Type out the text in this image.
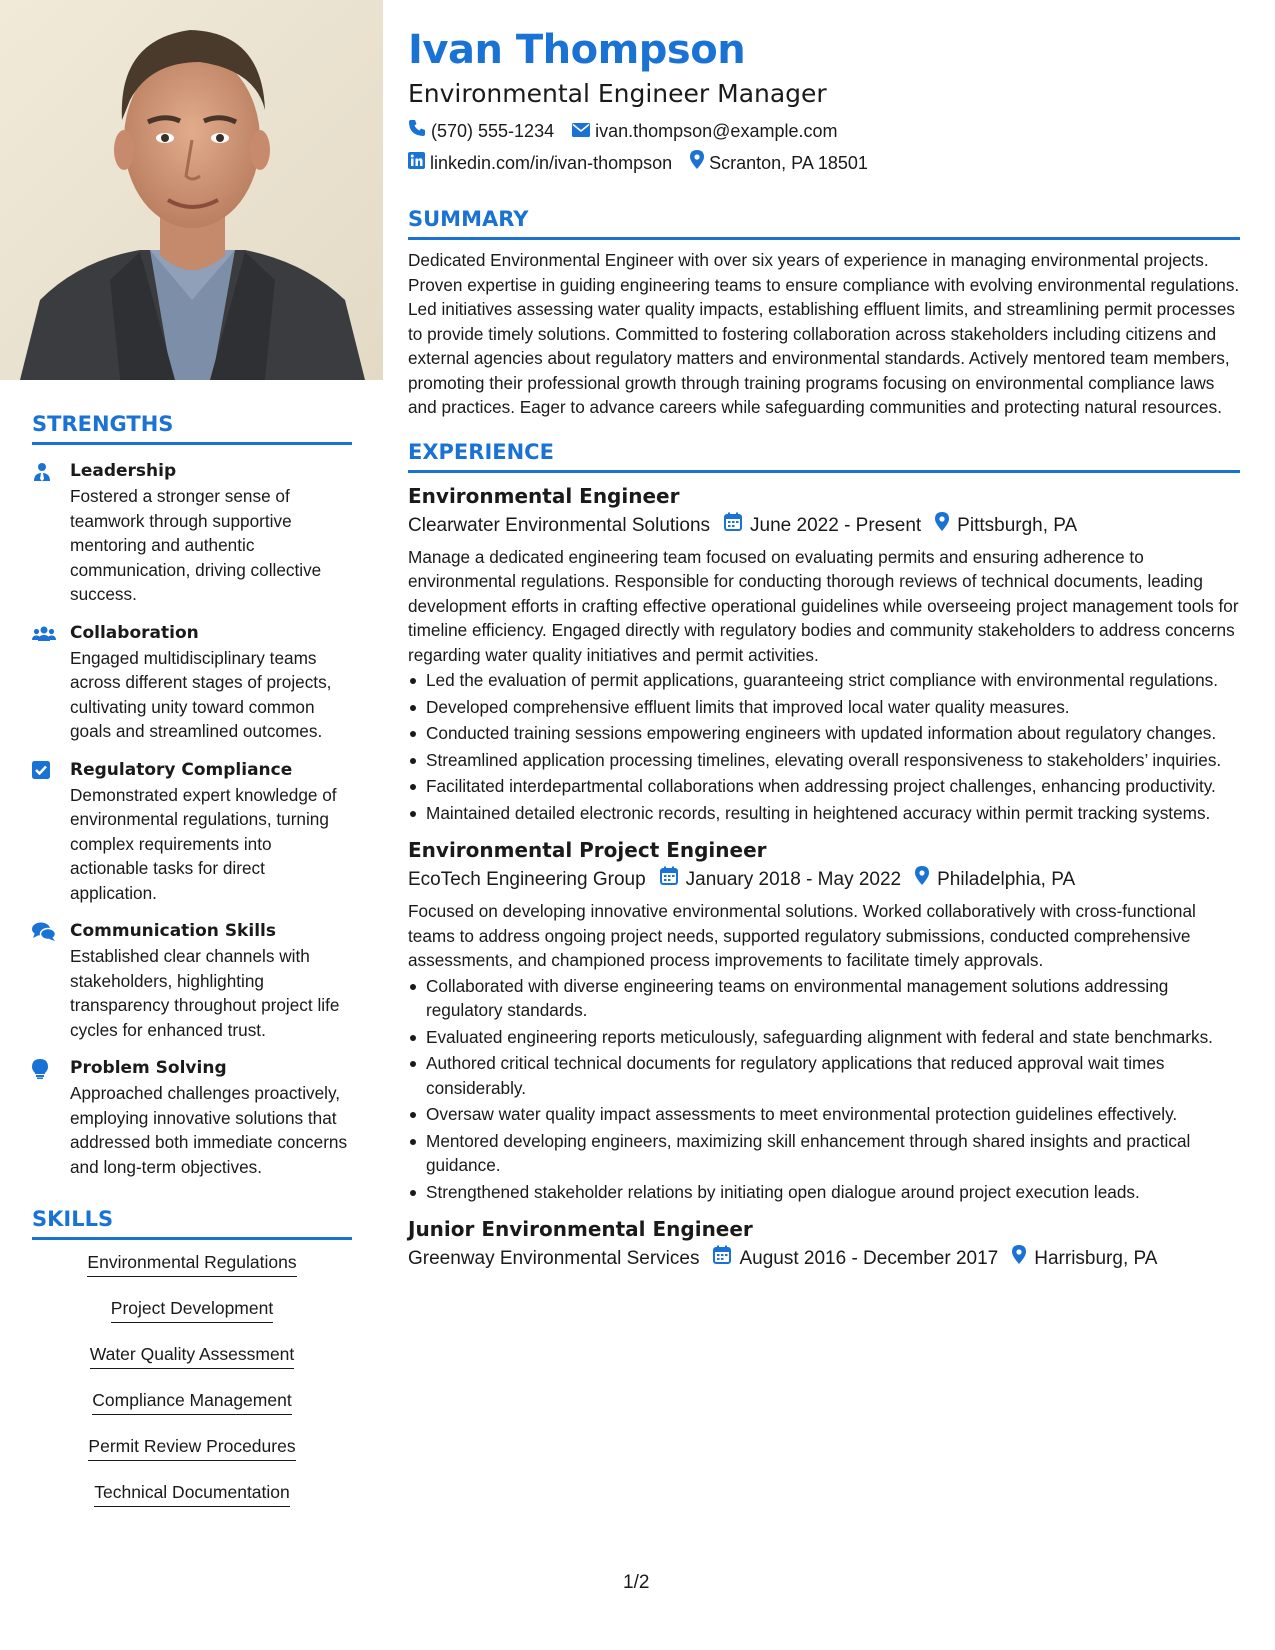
STRENGTHS
Leadership
Fostered a stronger sense of teamwork through supportive mentoring and authentic communication, driving collective success.
Collaboration
Engaged multidisciplinary teams across different stages of projects, cultivating unity toward common goals and streamlined outcomes.
Regulatory Compliance
Demonstrated expert knowledge of environmental regulations, turning complex requirements into actionable tasks for direct application.
Communication Skills
Established clear channels with stakeholders, highlighting transparency throughout project life cycles for enhanced trust.
Problem Solving
Approached challenges proactively, employing innovative solutions that addressed both immediate concerns and long-term objectives.
SKILLS
Environmental Regulations
Project Development
Water Quality Assessment
Compliance Management
Permit Review Procedures
Technical Documentation
Ivan Thompson
Environmental Engineer Manager
(570) 555-1234 ivan.thompson@example.com
linkedin.com/in/ivan-thompson Scranton, PA 18501
SUMMARY
Dedicated Environmental Engineer with over six years of experience in managing environmental projects. Proven expertise in guiding engineering teams to ensure compliance with evolving environmental regulations. Led initiatives assessing water quality impacts, establishing effluent limits, and streamlining permit processes to provide timely solutions. Committed to fostering collaboration across stakeholders including citizens and external agencies about regulatory matters and environmental standards. Actively mentored team members, promoting their professional growth through training programs focusing on environmental compliance laws and practices. Eager to advance careers while safeguarding communities and protecting natural resources.
EXPERIENCE
Environmental Engineer
Clearwater Environmental Solutions June 2022 - Present Pittsburgh, PA
Manage a dedicated engineering team focused on evaluating permits and ensuring adherence to environmental regulations. Responsible for conducting thorough reviews of technical documents, leading development efforts in crafting effective operational guidelines while overseeing project management tools for timeline efficiency. Engaged directly with regulatory bodies and community stakeholders to address concerns regarding water quality initiatives and permit activities.
Led the evaluation of permit applications, guaranteeing strict compliance with environmental regulations.
Developed comprehensive effluent limits that improved local water quality measures.
Conducted training sessions empowering engineers with updated information about regulatory changes.
Streamlined application processing timelines, elevating overall responsiveness to stakeholders’ inquiries.
Facilitated interdepartmental collaborations when addressing project challenges, enhancing productivity.
Maintained detailed electronic records, resulting in heightened accuracy within permit tracking systems.
Environmental Project Engineer
EcoTech Engineering Group January 2018 - May 2022 Philadelphia, PA
Focused on developing innovative environmental solutions. Worked collaboratively with cross-functional teams to address ongoing project needs, supported regulatory submissions, conducted comprehensive assessments, and championed process improvements to facilitate timely approvals.
Collaborated with diverse engineering teams on environmental management solutions addressing regulatory standards.
Evaluated engineering reports meticulously, safeguarding alignment with federal and state benchmarks.
Authored critical technical documents for regulatory applications that reduced approval wait times considerably.
Oversaw water quality impact assessments to meet environmental protection guidelines effectively.
Mentored developing engineers, maximizing skill enhancement through shared insights and practical guidance.
Strengthened stakeholder relations by initiating open dialogue around project execution leads.
Junior Environmental Engineer
Greenway Environmental Services August 2016 - December 2017 Harrisburg, PA
1/2
